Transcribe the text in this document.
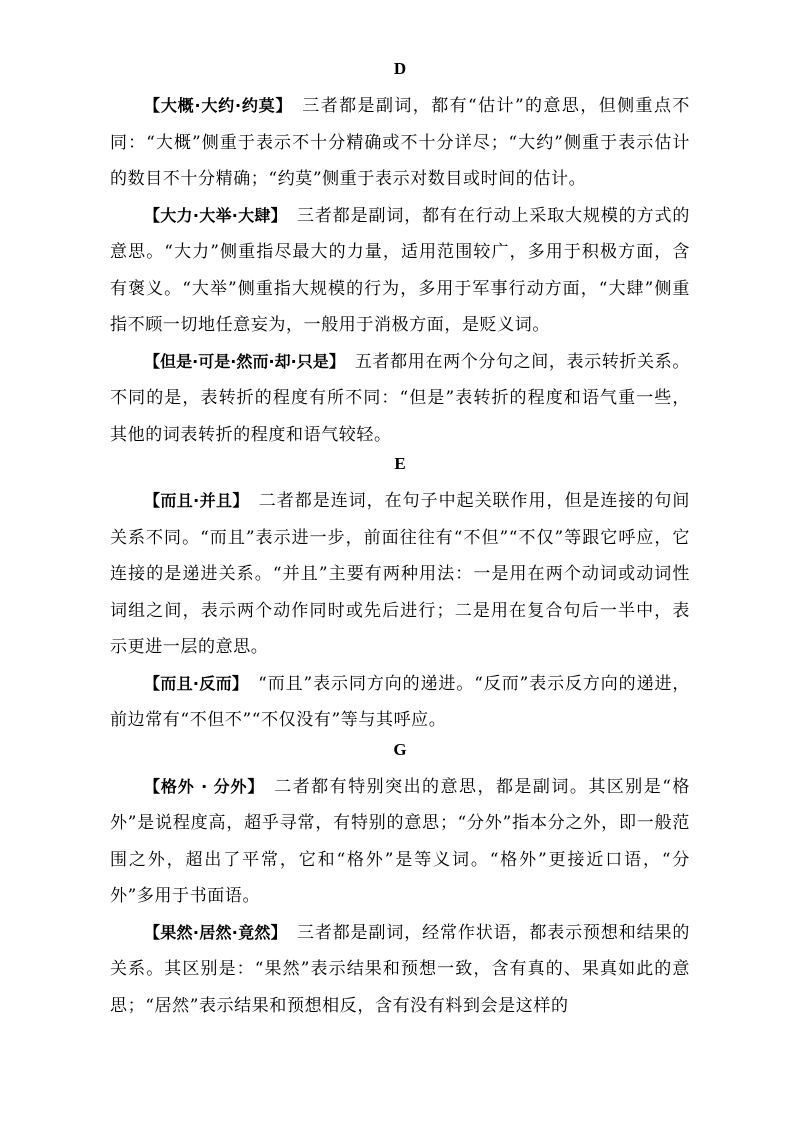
D

【大概·大约·约莫】 三者都是副词，都有“估计”的意思，但侧重点不同：“大概”侧重于表示不十分精确或不十分详尽；“大约”侧重于表示估计的数目不十分精确；“约莫”侧重于表示对数目或时间的估计。

【大力·大举·大肆】 三者都是副词，都有在行动上采取大规模的方式的意思。“大力”侧重指尽最大的力量，适用范围较广，多用于积极方面，含有褒义。“大举”侧重指大规模的行为，多用于军事行动方面，“大肆”侧重指不顾一切地任意妄为，一般用于消极方面，是贬义词。

【但是·可是·然而·却·只是】 五者都用在两个分句之间，表示转折关系。不同的是，表转折的程度有所不同：“但是”表转折的程度和语气重一些，其他的词表转折的程度和语气较轻。

E

【而且·并且】 二者都是连词，在句子中起关联作用，但是连接的句间关系不同。“而且”表示进一步，前面往往有“不但”“不仅”等跟它呼应，它连接的是递进关系。“并且”主要有两种用法：一是用在两个动词或动词性词组之间，表示两个动作同时或先后进行；二是用在复合句后一半中，表示更进一层的意思。

【而且·反而】 “而且”表示同方向的递进。“反而”表示反方向的递进，前边常有“不但不”“不仅没有”等与其呼应。

G

【格外 · 分外】 二者都有特别突出的意思，都是副词。其区别是“格外”是说程度高，超乎寻常，有特别的意思；“分外”指本分之外，即一般范围之外，超出了平常，它和“格外”是等义词。“格外”更接近口语，“分外”多用于书面语。

【果然·居然·竟然】 三者都是副词，经常作状语，都表示预想和结果的关系。其区别是：“果然”表示结果和预想一致，含有真的、果真如此的意思；“居然”表示结果和预想相反，含有没有料到会是这样的
